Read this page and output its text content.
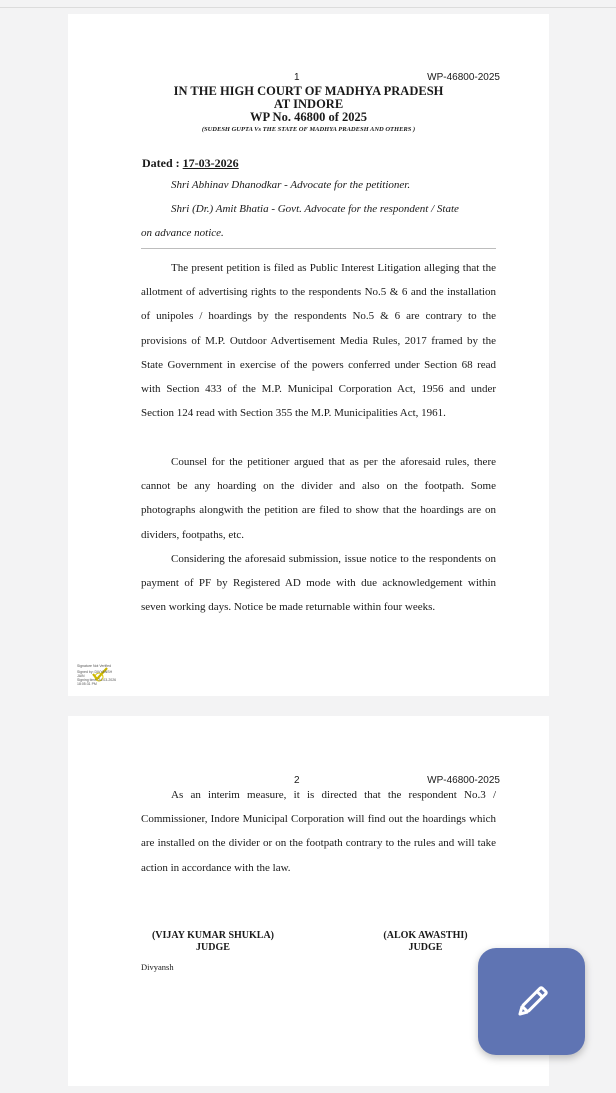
1	WP-46800-2025
IN THE HIGH COURT OF MADHYA PRADESH
AT INDORE
WP No. 46800 of 2025
(SUDESH GUPTA Vs THE STATE OF MADHYA PRADESH AND OTHERS )
Dated : 17-03-2026
Shri Abhinav Dhanodkar - Advocate for the petitioner.
Shri (Dr.) Amit Bhatia - Govt. Advocate for the respondent / State
on advance notice.

The present petition is filed as Public Interest Litigation alleging that the allotment of advertising rights to the respondents No.5 & 6 and the installation of unipoles / hoardings by the respondents No.5 & 6 are contrary to the provisions of M.P. Outdoor Advertisement Media Rules, 2017 framed by the State Government in exercise of the powers conferred under Section 68 read with Section 433 of the M.P. Municipal Corporation Act, 1956 and under Section 124 read with Section 355 the M.P. Municipalities Act, 1961.

Counsel for the petitioner argued that as per the aforesaid rules, there cannot be any hoarding on the divider and also on the footpath. Some photographs alongwith the petition are filed to show that the hoardings are on dividers, footpaths, etc.

Considering the aforesaid submission, issue notice to the respondents on payment of PF by Registered AD mode with due acknowledgement within seven working days. Notice be made returnable within four weeks.

Signature Not Verified
Signed by: DIVYANSH
JAIN
Signing time: 24-03-2026
18:05:31 PM
2	WP-46800-2025

As an interim measure, it is directed that the respondent No.3 / Commissioner, Indore Municipal Corporation will find out the hoardings which are installed on the divider or on the footpath contrary to the rules and will take action in accordance with the law.

(VIJAY KUMAR SHUKLA)
JUDGE
(ALOK AWASTHI)
JUDGE
Divyansh
